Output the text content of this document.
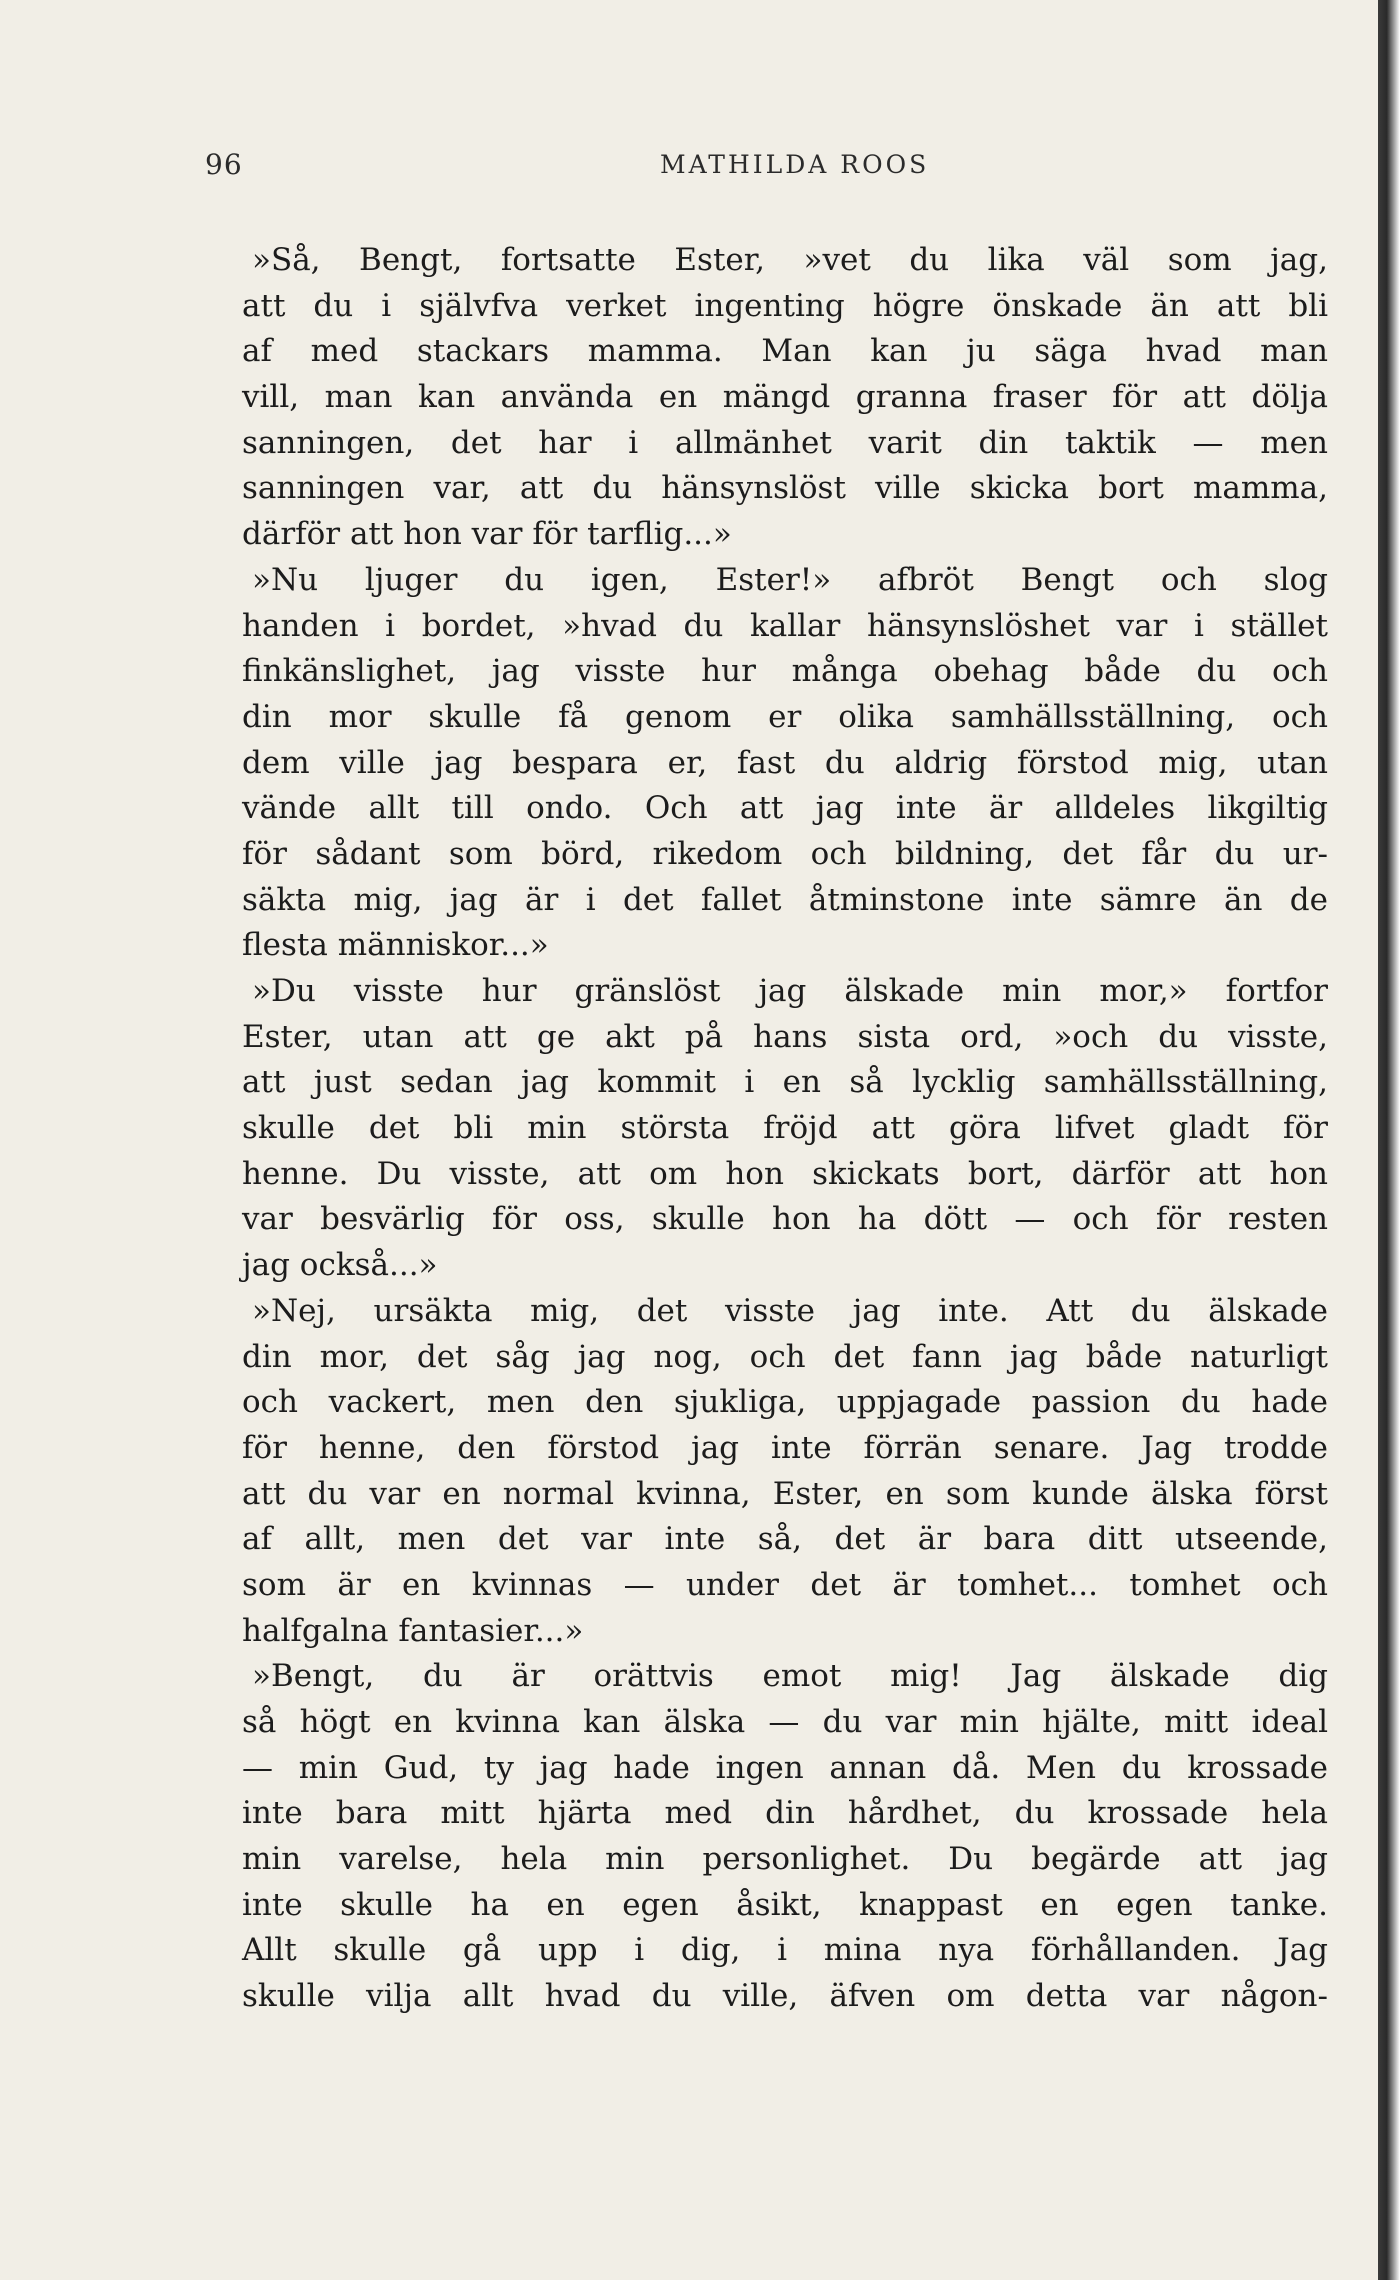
96	MATHILDA ROOS
»Så, Bengt, fortsatte Ester, »vet du lika väl som jag,
att du i självfva verket ingenting högre önskade än att bli
af med stackars mamma. Man kan ju säga hvad man
vill, man kan använda en mängd granna fraser för att dölja
sanningen, det har i allmänhet varit din taktik — men
sanningen var, att du hänsynslöst ville skicka bort mamma,
därför att hon var för tarflig...»
»Nu ljuger du igen, Ester!» afbröt Bengt och slog
handen i bordet, »hvad du kallar hänsynslöshet var i stället
finkänslighet, jag visste hur många obehag både du och
din mor skulle få genom er olika samhällsställning, och
dem ville jag bespara er, fast du aldrig förstod mig, utan
vände allt till ondo. Och att jag inte är alldeles likgiltig
för sådant som börd, rikedom och bildning, det får du ur-
säkta mig, jag är i det fallet åtminstone inte sämre än de
flesta människor...»
»Du visste hur gränslöst jag älskade min mor,» fortfor
Ester, utan att ge akt på hans sista ord, »och du visste,
att just sedan jag kommit i en så lycklig samhällsställning,
skulle det bli min största fröjd att göra lifvet gladt för
henne. Du visste, att om hon skickats bort, därför att hon
var besvärlig för oss, skulle hon ha dött — och för resten
jag också...»
»Nej, ursäkta mig, det visste jag inte. Att du älskade
din mor, det såg jag nog, och det fann jag både naturligt
och vackert, men den sjukliga, uppjagade passion du hade
för henne, den förstod jag inte förrän senare. Jag trodde
att du var en normal kvinna, Ester, en som kunde älska först
af allt, men det var inte så, det är bara ditt utseende,
som är en kvinnas — under det är tomhet... tomhet och
halfgalna fantasier...»
»Bengt, du är orättvis emot mig! Jag älskade dig
så högt en kvinna kan älska — du var min hjälte, mitt ideal
— min Gud, ty jag hade ingen annan då. Men du krossade
inte bara mitt hjärta med din hårdhet, du krossade hela
min varelse, hela min personlighet. Du begärde att jag
inte skulle ha en egen åsikt, knappast en egen tanke.
Allt skulle gå upp i dig, i mina nya förhållanden. Jag
skulle vilja allt hvad du ville, äfven om detta var någon-
